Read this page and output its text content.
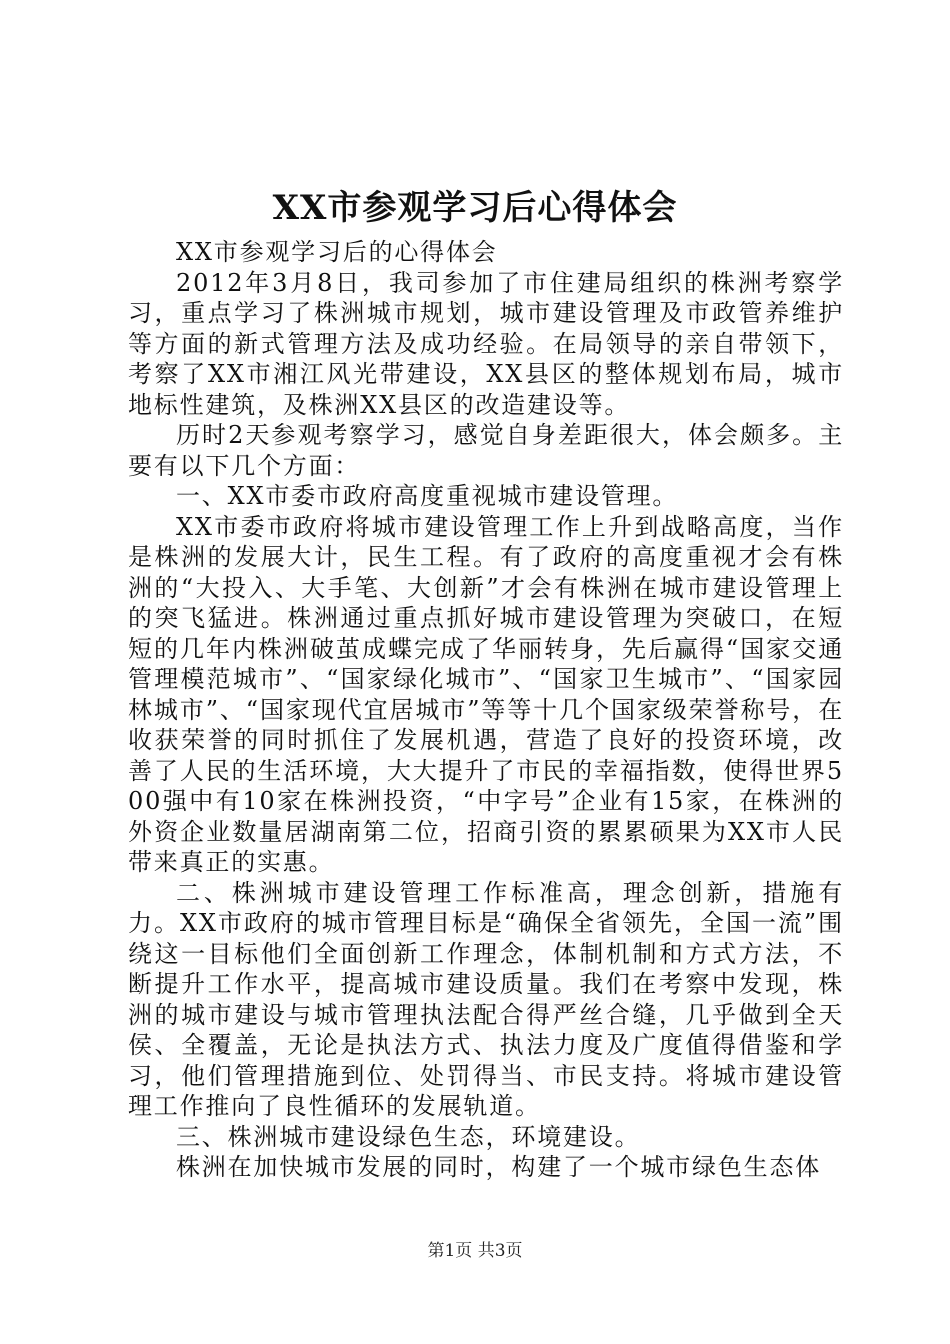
XX市参观学习后心得体会

XX市参观学习后的心得体会

2012年3月8日，我司参加了市住建局组织的株洲考察学习，重点学习了株洲城市规划，城市建设管理及市政管养维护等方面的新式管理方法及成功经验。在局领导的亲自带领下，考察了XX市湘江风光带建设，XX县区的整体规划布局，城市地标性建筑，及株洲XX县区的改造建设等。

历时2天参观考察学习，感觉自身差距很大，体会颇多。主要有以下几个方面：

一、XX市委市政府高度重视城市建设管理。

XX市委市政府将城市建设管理工作上升到战略高度，当作是株洲的发展大计，民生工程。有了政府的高度重视才会有株洲的“大投入、大手笔、大创新”才会有株洲在城市建设管理上的突飞猛进。株洲通过重点抓好城市建设管理为突破口，在短短的几年内株洲破茧成蝶完成了华丽转身，先后赢得“国家交通管理模范城市”、“国家绿化城市”、“国家卫生城市”、“国家园林城市”、“国家现代宜居城市”等等十几个国家级荣誉称号，在收获荣誉的同时抓住了发展机遇，营造了良好的投资环境，改善了人民的生活环境，大大提升了市民的幸福指数，使得世界500强中有10家在株洲投资，“中字号”企业有15家，在株洲的外资企业数量居湖南第二位，招商引资的累累硕果为XX市人民带来真正的实惠。

二、株洲城市建设管理工作标准高，理念创新，措施有力。XX市政府的城市管理目标是“确保全省领先，全国一流”围绕这一目标他们全面创新工作理念，体制机制和方式方法，不断提升工作水平，提高城市建设质量。我们在考察中发现，株洲的城市建设与城市管理执法配合得严丝合缝，几乎做到全天侯、全覆盖，无论是执法方式、执法力度及广度值得借鉴和学习，他们管理措施到位、处罚得当、市民支持。将城市建设管理工作推向了良性循环的发展轨道。

三、株洲城市建设绿色生态，环境建设。

株洲在加快城市发展的同时，构建了一个城市绿色生态体

第1页 共3页
